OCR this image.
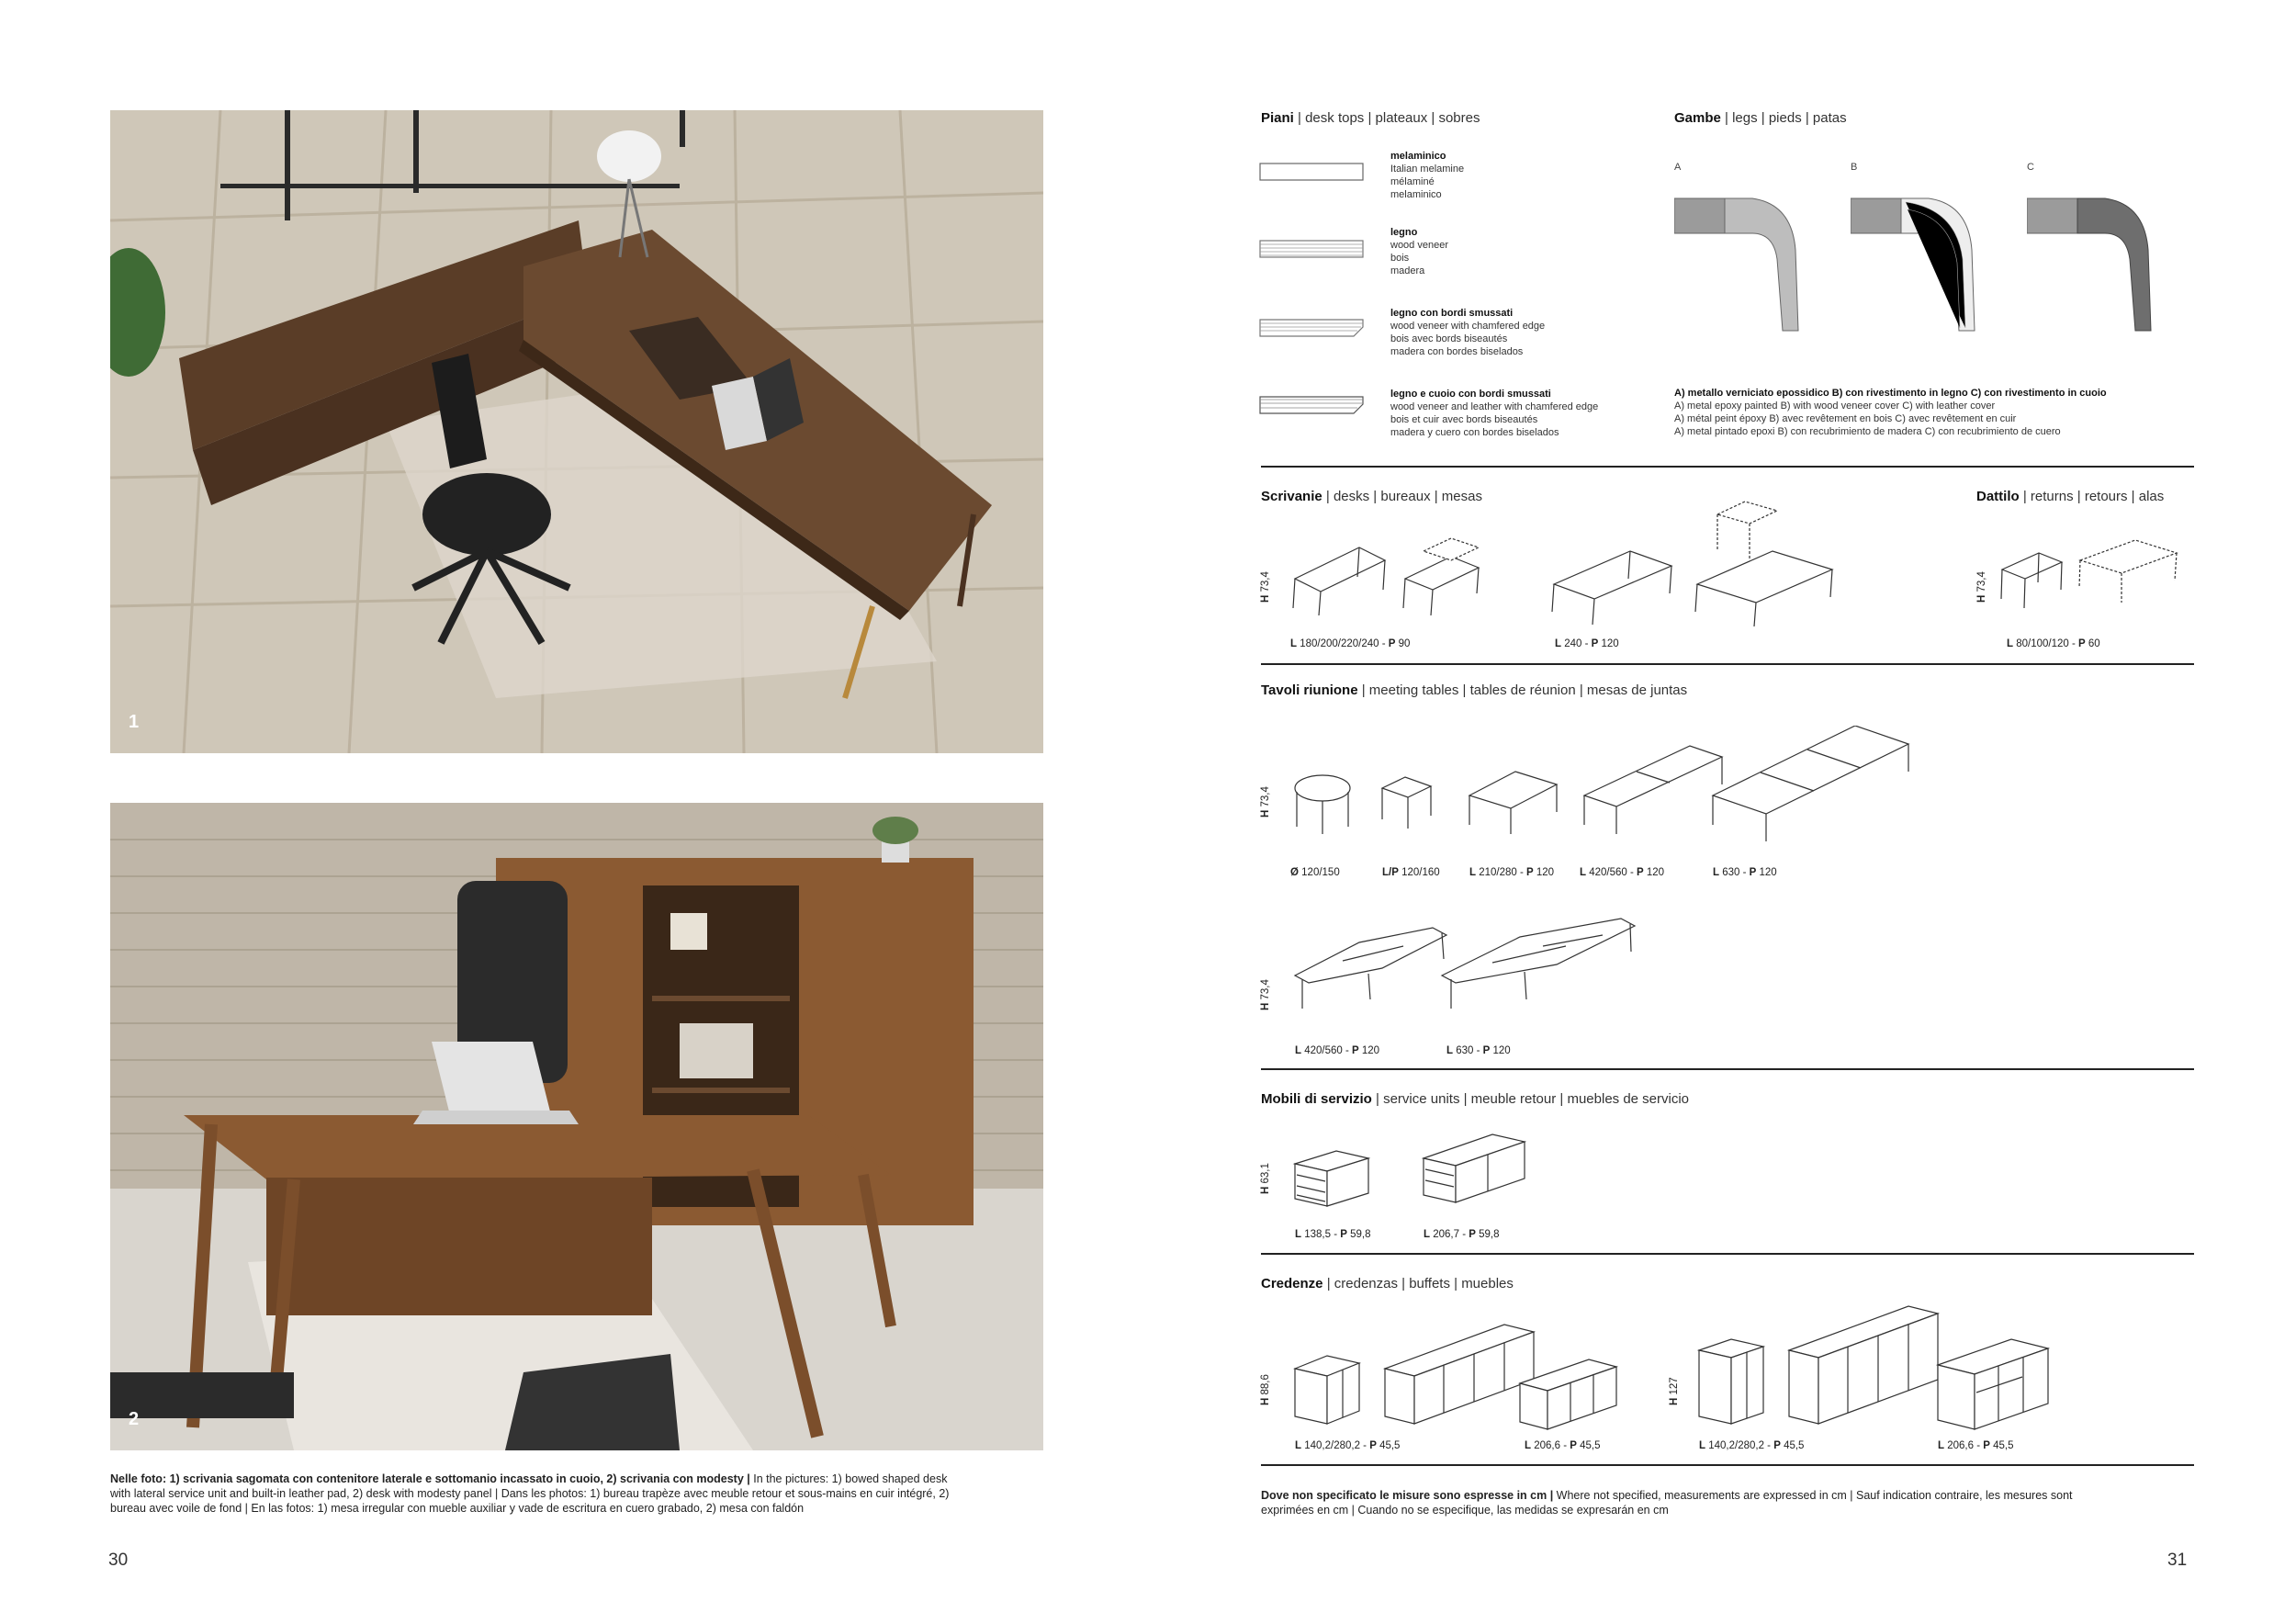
1
2
Nelle foto: 1) scrivania sagomata con contenitore laterale e sottomanio incassato in cuoio, 2) scrivania con modesty | In the pictures: 1) bowed shaped desk
with lateral service unit and built-in leather pad, 2) desk with modesty panel | Dans les photos: 1) bureau trapèze avec meuble retour et sous-mains en cuir intégré, 2)
bureau avec voile de fond | En las fotos: 1) mesa irregular con mueble auxiliar y vade de escritura en cuero grabado, 2) mesa con faldón
30
Piani | desk tops | plateaux | sobres
melaminico
Italian melamine
mélaminé
melaminico
legno
wood veneer
bois
madera
legno con bordi smussati
wood veneer with chamfered edge
bois avec bords biseautés
madera con bordes biselados
legno e cuoio con bordi smussati
wood veneer and leather with chamfered edge
bois et cuir avec bords biseautés
madera y cuero con bordes biselados
Gambe | legs | pieds | patas
A	B	C
A) metallo verniciato epossidico B) con rivestimento in legno C) con rivestimento in cuoio
A) metal epoxy painted B) with wood veneer cover C) with leather cover
A) métal peint époxy B) avec revêtement en bois C) avec revêtement en cuir
A) metal pintado epoxi B) con recubrimiento de madera C) con recubrimiento de cuero
Scrivanie | desks | bureaux | mesas
H 73,4
L 180/200/220/240 - P 90	L 240 - P 120
Dattilo | returns | retours | alas
H 73,4
L 80/100/120 - P 60
Tavoli riunione | meeting tables | tables de réunion | mesas de juntas
H 73,4
Ø 120/150	L/P 120/160	L 210/280 - P 120 L 420/560 - P 120	L 630 - P 120
H 73,4
L 420/560 - P 120	L 630 - P 120
Mobili di servizio | service units | meuble retour | muebles de servicio
H 63,1
L 138,5 - P 59,8	L 206,7 - P 59,8
Credenze | credenzas | buffets | muebles
H 88,6
H 127
L 140,2/280,2 - P 45,5	L 206,6 - P 45,5	L 140,2/280,2 - P 45,5	L 206,6 - P 45,5
Dove non specificato le misure sono espresse in cm | Where not specified, measurements are expressed in cm | Sauf indication contraire, les mesures sont
exprimées en cm | Cuando no se especifique, las medidas se expresarán en cm
31
